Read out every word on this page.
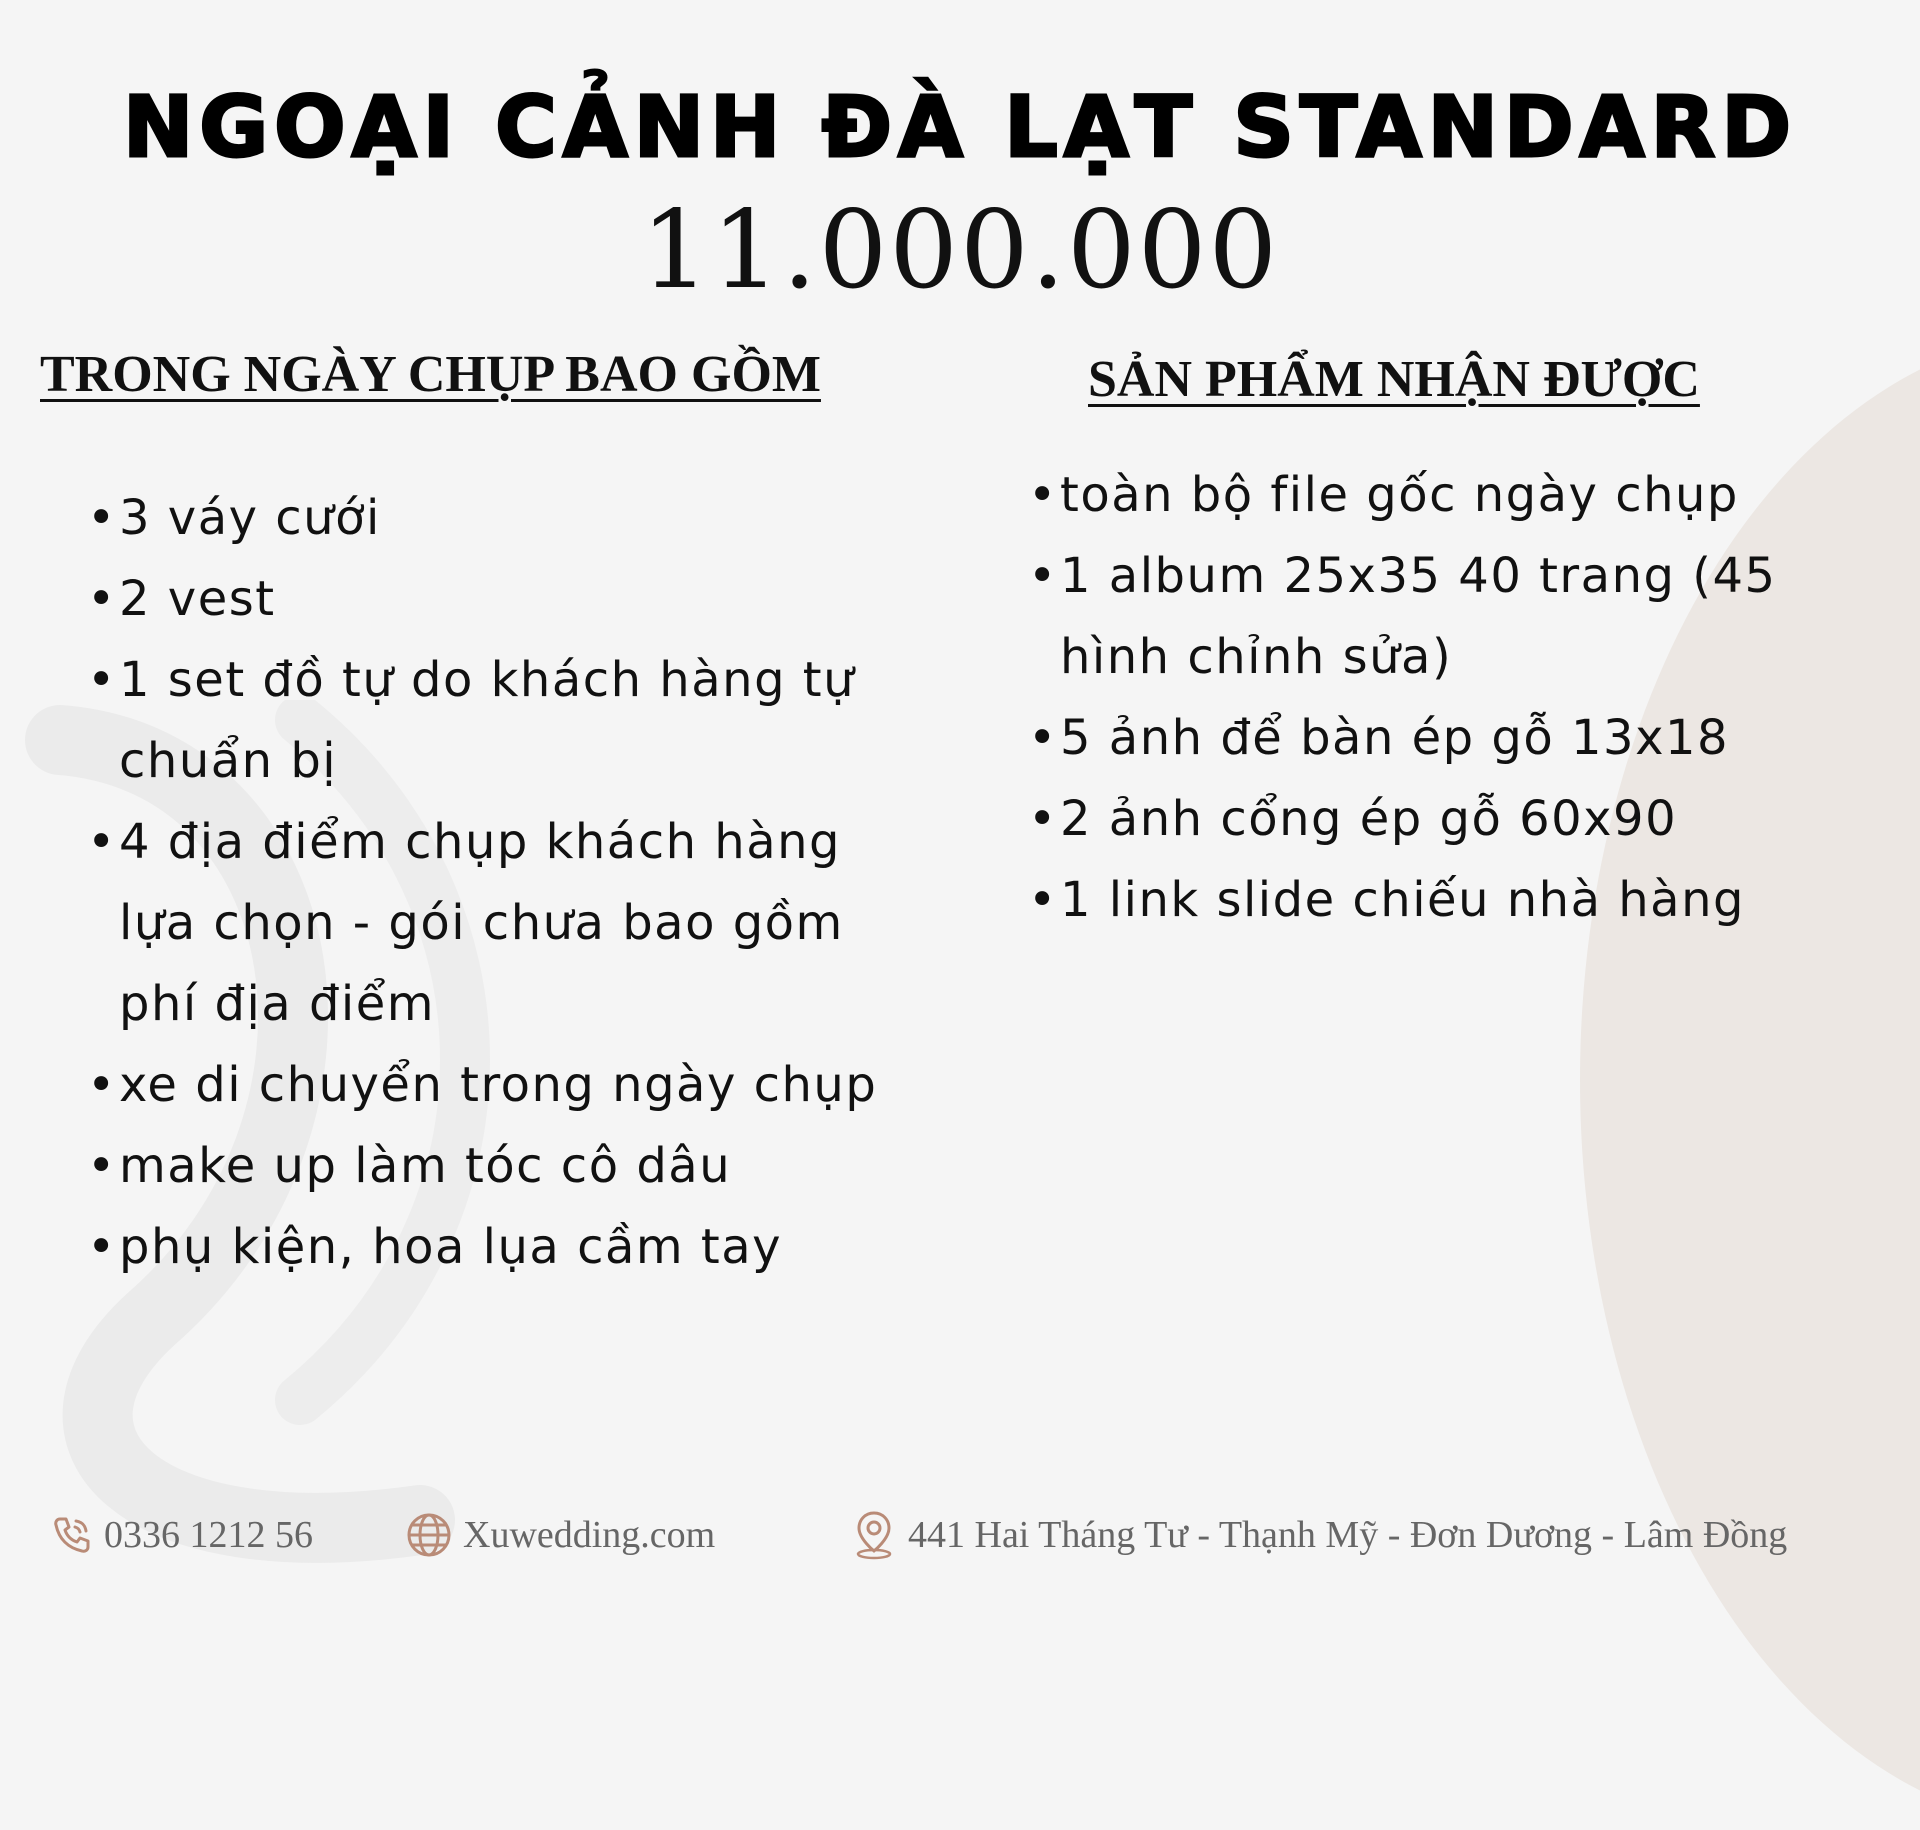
NGOẠI CẢNH ĐÀ LẠT STANDARD
11.000.000
TRONG NGÀY CHỤP BAO GỒM
• 3 váy cưới
• 2 vest
• 1 set đồ tự do khách hàng tự chuẩn bị
• 4 địa điểm chụp khách hàng lựa chọn - gói chưa bao gồm phí địa điểm
• xe di chuyển trong ngày chụp
• make up làm tóc cô dâu
• phụ kiện, hoa lụa cầm tay
SẢN PHẨM NHẬN ĐƯỢC
• toàn bộ file gốc ngày chụp
• 1 album 25x35 40 trang (45 hình chỉnh sửa)
• 5 ảnh để bàn ép gỗ 13x18
• 2 ảnh cổng ép gỗ 60x90
• 1 link slide chiếu nhà hàng
0336 1212 56	Xuwedding.com	441 Hai Tháng Tư - Thạnh Mỹ - Đơn Dương - Lâm Đồng
